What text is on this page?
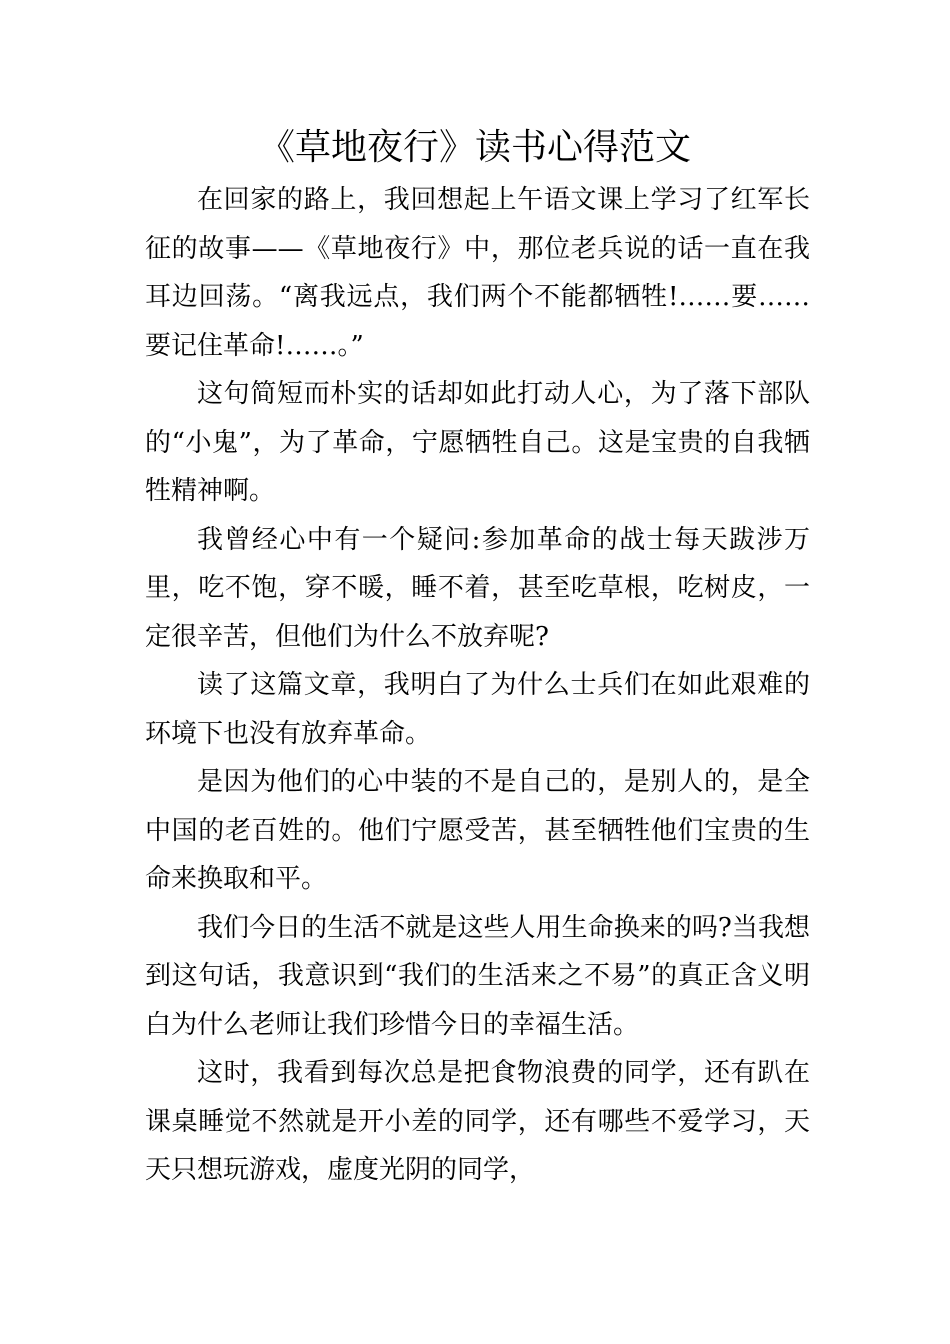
《草地夜行》读书心得范文

在回家的路上，我回想起上午语文课上学习了红军长征的故事——《草地夜行》中，那位老兵说的话一直在我耳边回荡。“离我远点，我们两个不能都牺牲!……要……要记住革命!……。”

这句简短而朴实的话却如此打动人心，为了落下部队的“小鬼”，为了革命，宁愿牺牲自己。这是宝贵的自我牺牲精神啊。

我曾经心中有一个疑问:参加革命的战士每天跋涉万里，吃不饱，穿不暖，睡不着，甚至吃草根，吃树皮，一定很辛苦，但他们为什么不放弃呢?

读了这篇文章，我明白了为什么士兵们在如此艰难的环境下也没有放弃革命。

是因为他们的心中装的不是自己的，是别人的，是全中国的老百姓的。他们宁愿受苦，甚至牺牲他们宝贵的生命来换取和平。

我们今日的生活不就是这些人用生命换来的吗?当我想到这句话，我意识到“我们的生活来之不易”的真正含义明白为什么老师让我们珍惜今日的幸福生活。

这时，我看到每次总是把食物浪费的同学，还有趴在课桌睡觉不然就是开小差的同学，还有哪些不爱学习，天天只想玩游戏，虚度光阴的同学，
